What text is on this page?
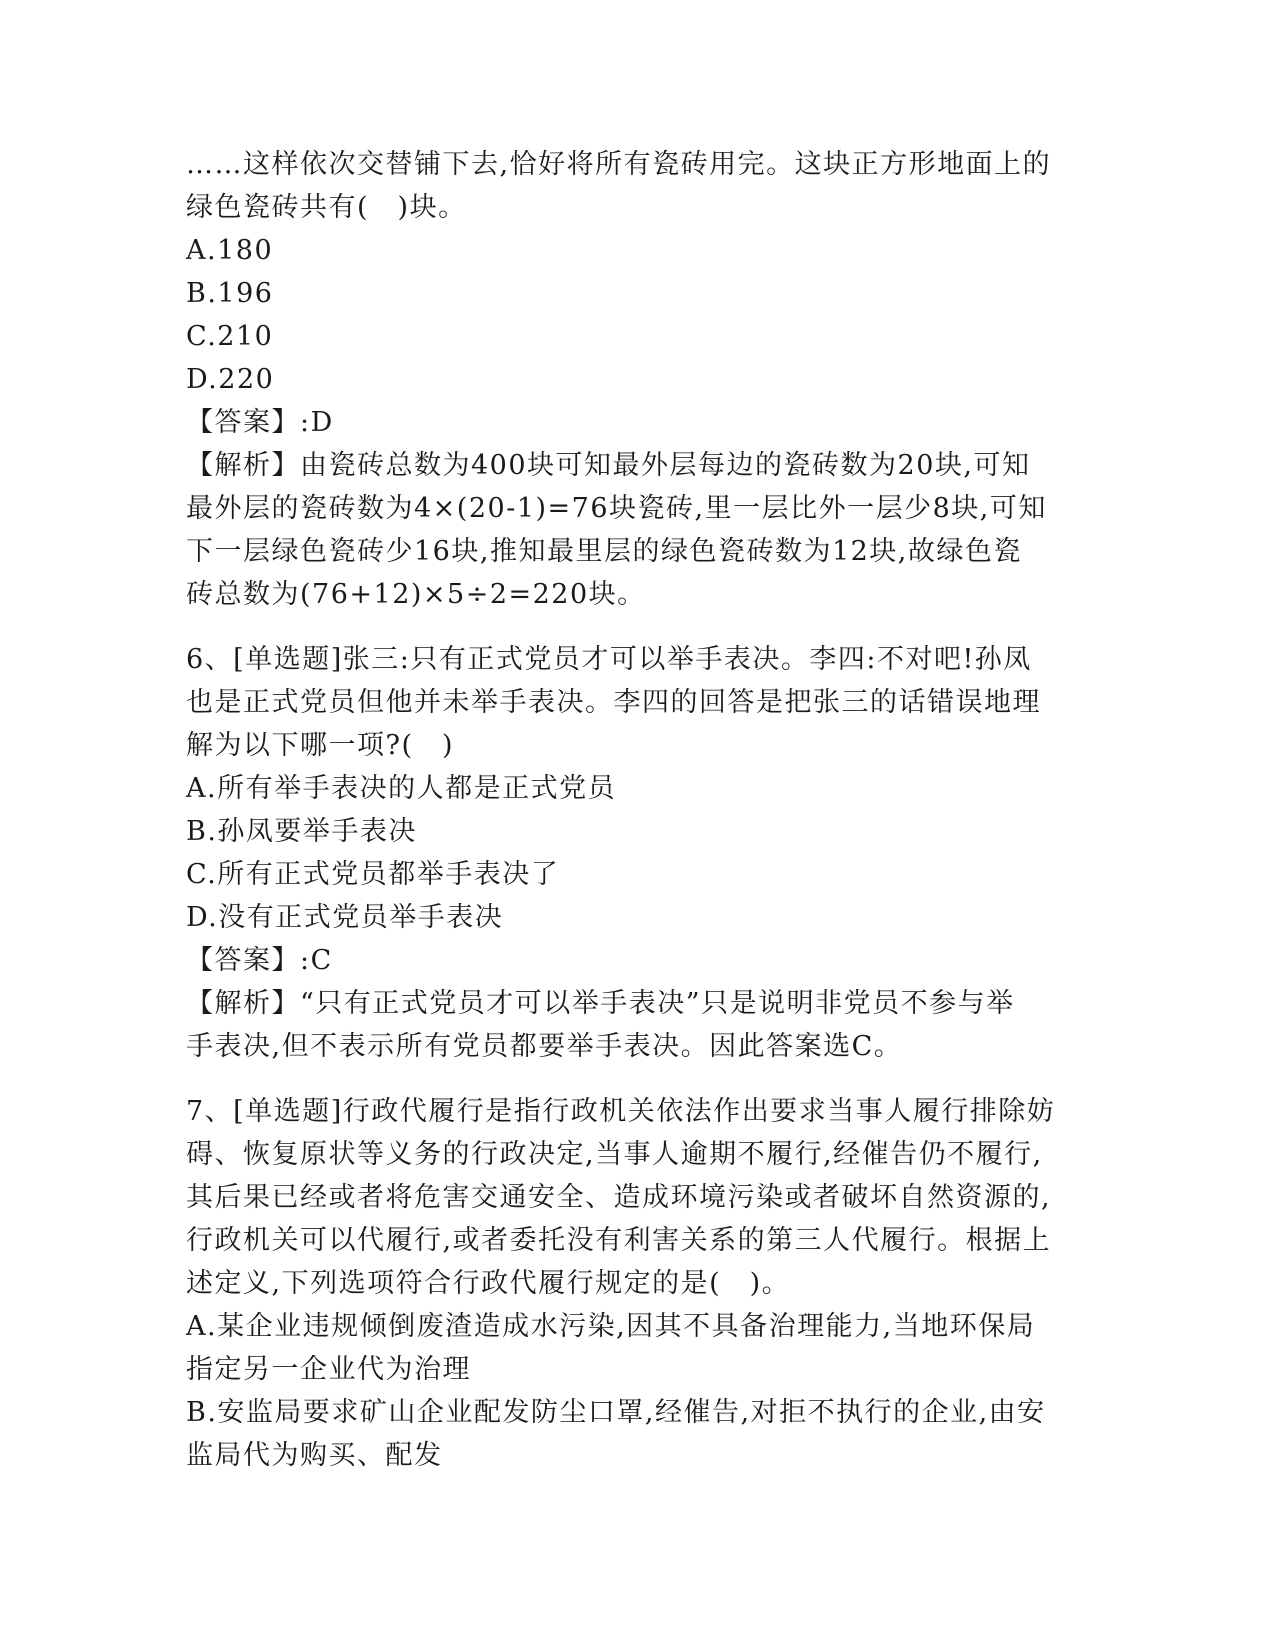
……这样依次交替铺下去,恰好将所有瓷砖用完。这块正方形地面上的
绿色瓷砖共有(　)块。
A.180
B.196
C.210
D.220
【答案】:D
【解析】由瓷砖总数为400块可知最外层每边的瓷砖数为20块,可知
最外层的瓷砖数为4×(20-1)=76块瓷砖,里一层比外一层少8块,可知
下一层绿色瓷砖少16块,推知最里层的绿色瓷砖数为12块,故绿色瓷
砖总数为(76+12)×5÷2=220块。
6、[单选题]张三:只有正式党员才可以举手表决。李四:不对吧!孙凤
也是正式党员但他并未举手表决。李四的回答是把张三的话错误地理
解为以下哪一项?(　)
A.所有举手表决的人都是正式党员
B.孙凤要举手表决
C.所有正式党员都举手表决了
D.没有正式党员举手表决
【答案】:C
【解析】“只有正式党员才可以举手表决”只是说明非党员不参与举
手表决,但不表示所有党员都要举手表决。因此答案选C。
7、[单选题]行政代履行是指行政机关依法作出要求当事人履行排除妨
碍、恢复原状等义务的行政决定,当事人逾期不履行,经催告仍不履行,
其后果已经或者将危害交通安全、造成环境污染或者破坏自然资源的,
行政机关可以代履行,或者委托没有利害关系的第三人代履行。根据上
述定义,下列选项符合行政代履行规定的是(　)。
A.某企业违规倾倒废渣造成水污染,因其不具备治理能力,当地环保局
指定另一企业代为治理
B.安监局要求矿山企业配发防尘口罩,经催告,对拒不执行的企业,由安
监局代为购买、配发
